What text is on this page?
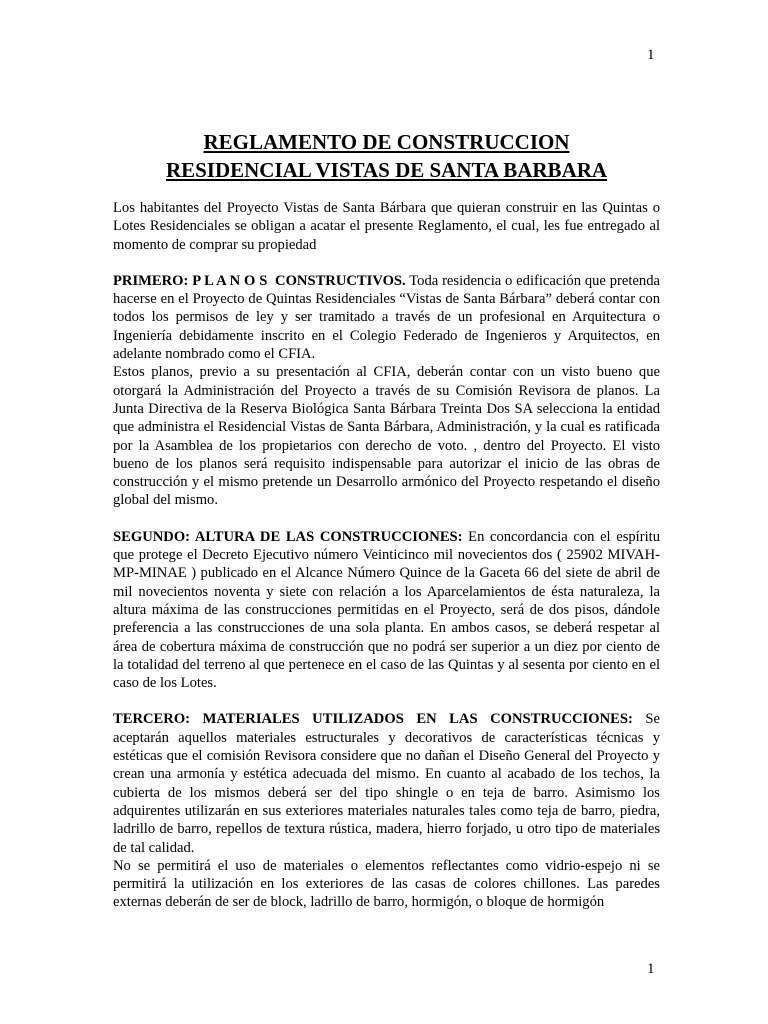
1
REGLAMENTO DE CONSTRUCCION
RESIDENCIAL VISTAS DE SANTA BARBARA

Los habitantes del Proyecto Vistas de Santa Bárbara que quieran construir en las Quintas o Lotes Residenciales se obligan a acatar el presente Reglamento, el cual, les fue entregado al momento de comprar su propiedad

PRIMERO: P L A N O S  CONSTRUCTIVOS. Toda residencia o edificación que pretenda hacerse en el Proyecto de Quintas Residenciales “Vistas de Santa Bárbara” deberá contar con todos los permisos de ley y ser tramitado a través de un profesional en Arquitectura o Ingeniería debidamente inscrito en el Colegio Federado de Ingenieros y Arquitectos, en adelante nombrado como el CFIA.

Estos planos, previo a su presentación al CFIA, deberán contar con un visto bueno que otorgará la Administración del Proyecto a través de su Comisión Revisora de planos. La Junta Directiva de la Reserva Biológica Santa Bárbara Treinta Dos SA selecciona la entidad que administra el Residencial Vistas de Santa Bárbara, Administración, y la cual es ratificada por la Asamblea de los propietarios con derecho de voto. , dentro del Proyecto. El visto bueno de los planos será requisito indispensable para autorizar el inicio de las obras de construcción y el mismo pretende un Desarrollo armónico del Proyecto respetando el diseño global del mismo.

SEGUNDO: ALTURA DE LAS CONSTRUCCIONES: En concordancia con el espíritu que protege el Decreto Ejecutivo número Veinticinco mil novecientos dos ( 25902 MIVAH-MP-MINAE ) publicado en el Alcance Número Quince de la Gaceta 66 del siete de abril de mil novecientos noventa y siete con relación a los Aparcelamientos de ésta naturaleza, la altura máxima de las construcciones permitidas en el Proyecto, será de dos pisos, dándole preferencia a las construcciones de una sola planta. En ambos casos, se deberá respetar al área de cobertura máxima de construcción que no podrá ser superior a un diez por ciento de la totalidad del terreno al que pertenece en el caso de las Quintas y al sesenta por ciento en el caso de los Lotes.

TERCERO: MATERIALES UTILIZADOS EN LAS CONSTRUCCIONES: Se aceptarán aquellos materiales estructurales y decorativos de características técnicas y estéticas que el comisión Revisora considere que no dañan el Diseño General del Proyecto y crean una armonía y estética adecuada del mismo. En cuanto al acabado de los techos, la cubierta de los mismos deberá ser del tipo shingle o en teja de barro. Asimismo los adquirentes utilizarán en sus exteriores materiales naturales tales como teja de barro, piedra, ladrillo de barro, repellos de textura rústica, madera, hierro forjado, u otro tipo de materiales de tal calidad.

No se permitirá el uso de materiales o elementos reflectantes como vidrio-espejo ni se permitirá la utilización en los exteriores de las casas de colores chillones. Las paredes externas deberán de ser de block, ladrillo de barro, hormigón, o bloque de hormigón

1
